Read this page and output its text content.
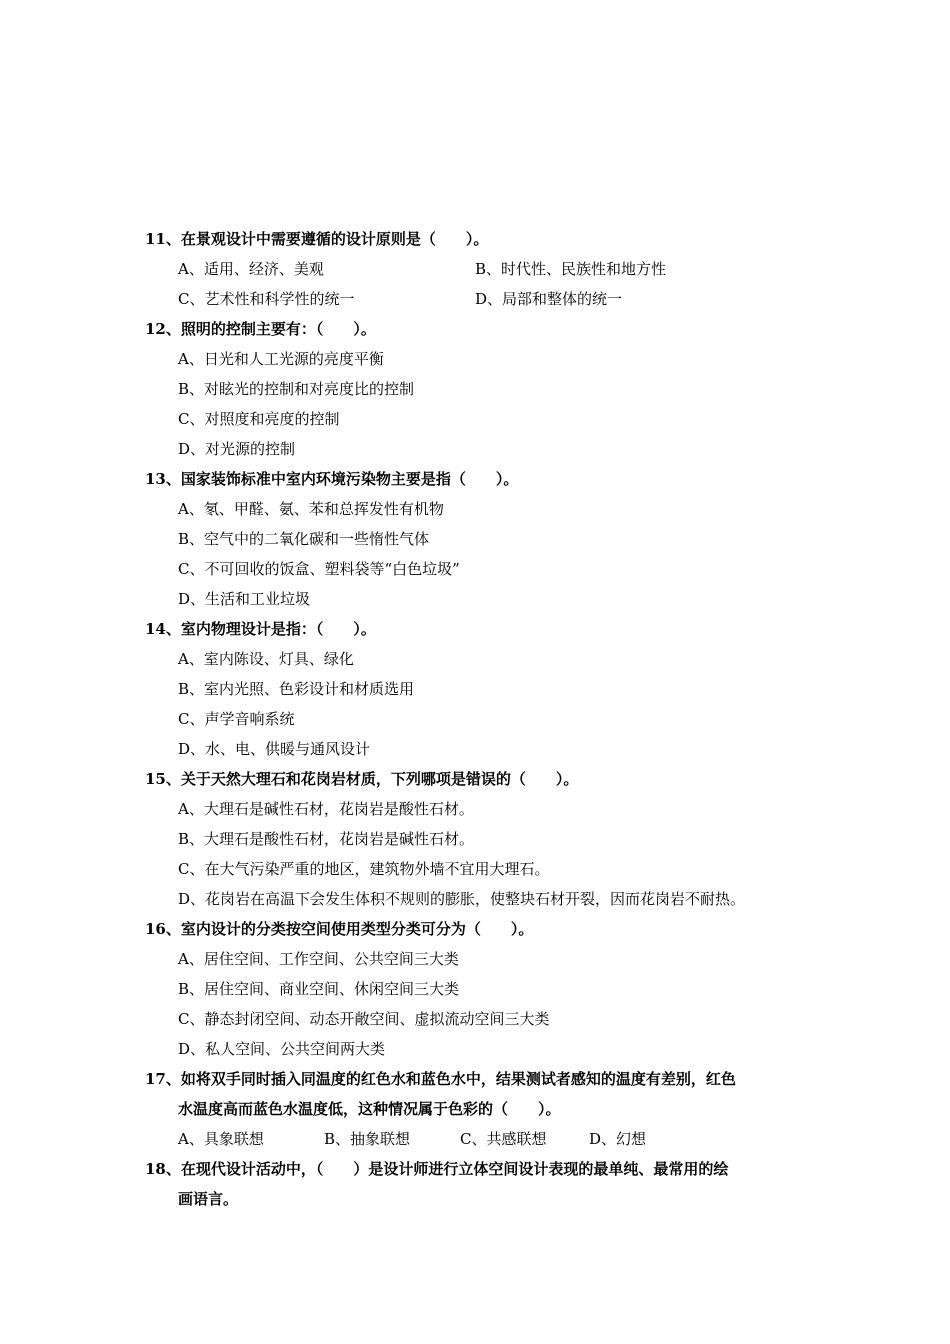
11、在景观设计中需要遵循的设计原则是（　　）。
A、适用、经济、美观	B、时代性、民族性和地方性
C、艺术性和科学性的统一	D、局部和整体的统一
12、照明的控制主要有：（　　）。
A、日光和人工光源的亮度平衡
B、对眩光的控制和对亮度比的控制
C、对照度和亮度的控制
D、对光源的控制
13、国家装饰标准中室内环境污染物主要是指（　　）。
A、氡、甲醛、氨、苯和总挥发性有机物
B、空气中的二氧化碳和一些惰性气体
C、不可回收的饭盒、塑料袋等“白色垃圾”
D、生活和工业垃圾
14、室内物理设计是指：（　　）。
A、室内陈设、灯具、绿化
B、室内光照、色彩设计和材质选用
C、声学音响系统
D、水、电、供暖与通风设计
15、关于天然大理石和花岗岩材质，下列哪项是错误的（　　）。
A、大理石是碱性石材，花岗岩是酸性石材。
B、大理石是酸性石材，花岗岩是碱性石材。
C、在大气污染严重的地区，建筑物外墙不宜用大理石。
D、花岗岩在高温下会发生体积不规则的膨胀，使整块石材开裂，因而花岗岩不耐热。
16、室内设计的分类按空间使用类型分类可分为（　　）。
A、居住空间、工作空间、公共空间三大类
B、居住空间、商业空间、休闲空间三大类
C、静态封闭空间、动态开敞空间、虚拟流动空间三大类
D、私人空间、公共空间两大类
17、如将双手同时插入同温度的红色水和蓝色水中，结果测试者感知的温度有差别，红色
水温度高而蓝色水温度低，这种情况属于色彩的（　　）。
A、具象联想	B、抽象联想	C、共感联想	D、幻想
18、在现代设计活动中，（　　）是设计师进行立体空间设计表现的最单纯、最常用的绘
画语言。
